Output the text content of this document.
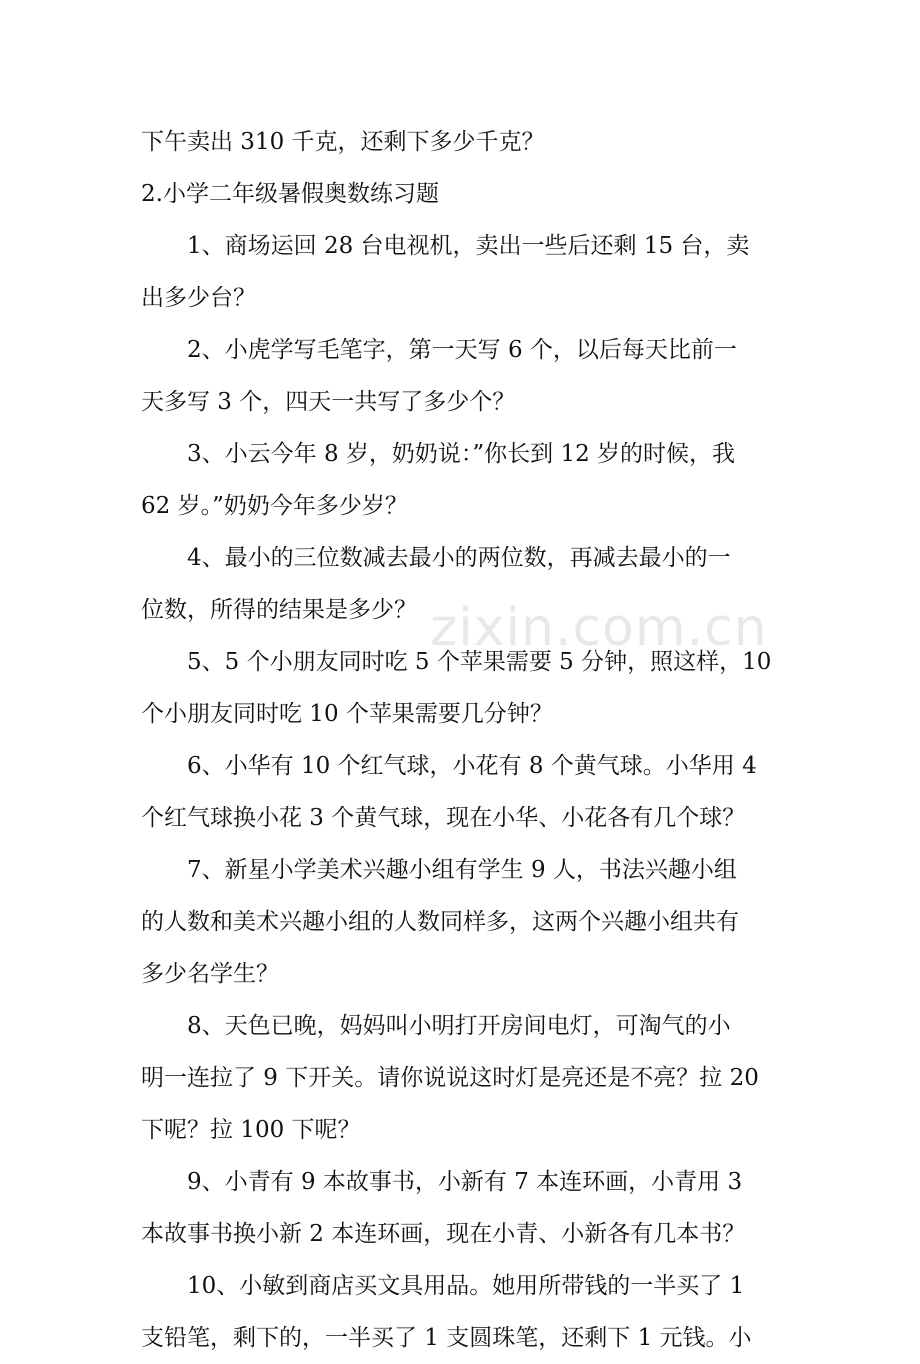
下午卖出 310 千克，还剩下多少千克？

2.小学二年级暑假奥数练习题

1、商场运回 28 台电视机，卖出一些后还剩 15 台，卖

出多少台？

2、小虎学写毛笔字，第一天写 6 个，以后每天比前一

天多写 3 个，四天一共写了多少个？

3、小云今年 8 岁，奶奶说：”你长到 12 岁的时候，我

62 岁。”奶奶今年多少岁？

4、最小的三位数减去最小的两位数，再减去最小的一

位数，所得的结果是多少？

5、5 个小朋友同时吃 5 个苹果需要 5 分钟，照这样，10

个小朋友同时吃 10 个苹果需要几分钟？

6、小华有 10 个红气球，小花有 8 个黄气球。小华用 4

个红气球换小花 3 个黄气球，现在小华、小花各有几个球？

7、新星小学美术兴趣小组有学生 9 人，书法兴趣小组

的人数和美术兴趣小组的人数同样多，这两个兴趣小组共有

多少名学生？

8、天色已晚，妈妈叫小明打开房间电灯，可淘气的小

明一连拉了 9 下开关。请你说说这时灯是亮还是不亮？拉 20

下呢？拉 100 下呢？

9、小青有 9 本故事书，小新有 7 本连环画，小青用 3

本故事书换小新 2 本连环画，现在小青、小新各有几本书？

10、小敏到商店买文具用品。她用所带钱的一半买了 1

支铅笔，剩下的，一半买了 1 支圆珠笔，还剩下 1 元钱。小

zixin.com.cn
